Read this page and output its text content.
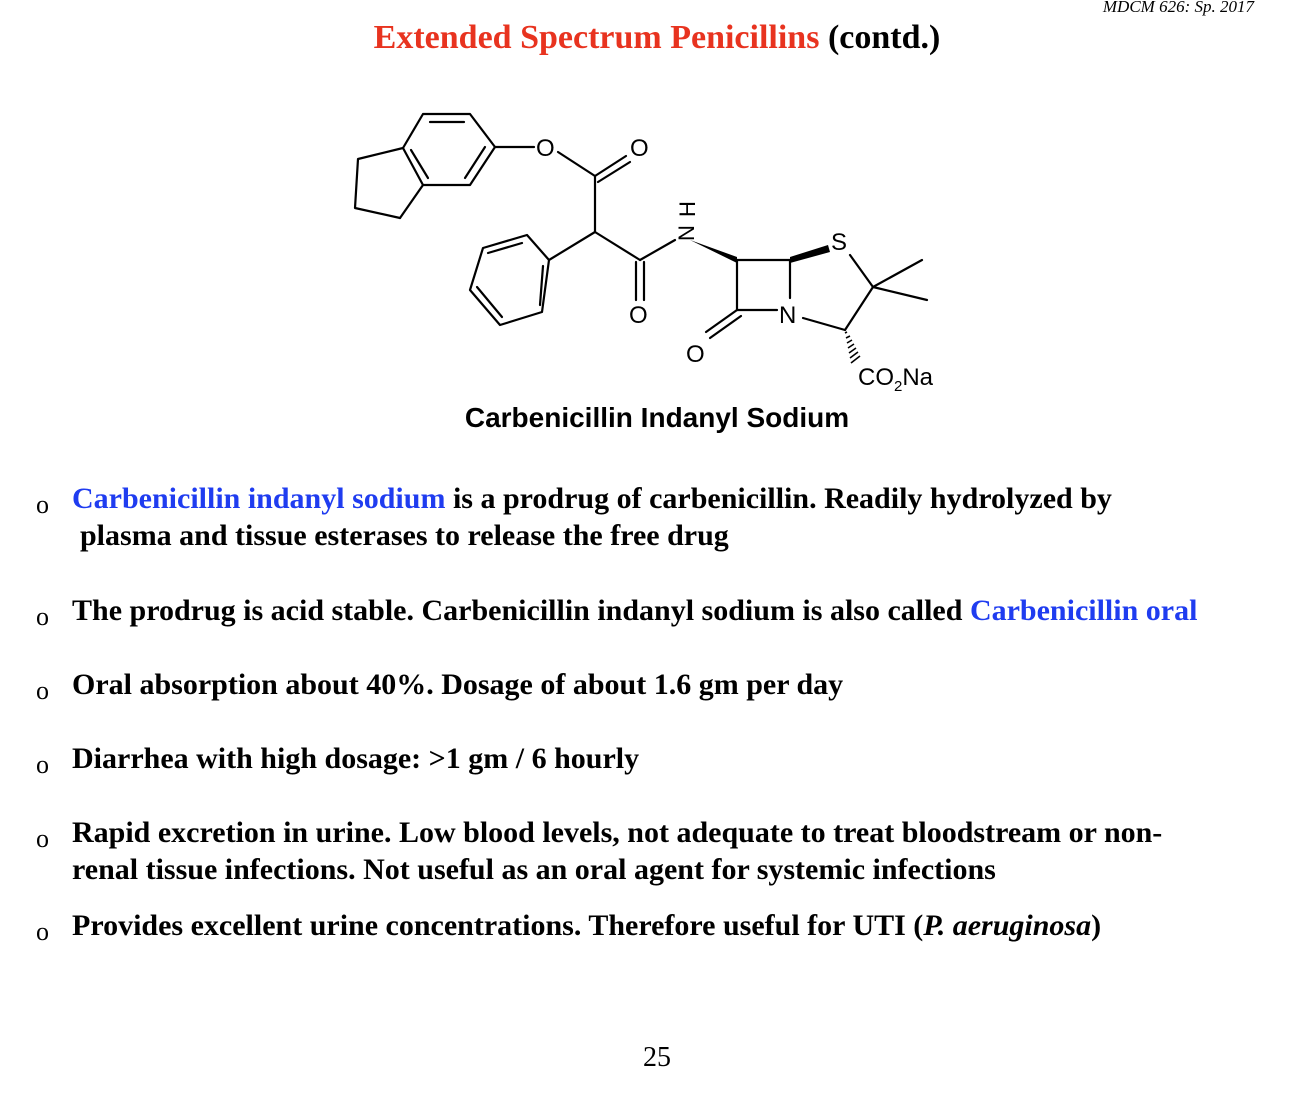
MDCM 626: Sp. 2017
Extended Spectrum Penicillins (contd.)
O	O
O
O
H
N
N
S
$CO_2Na$

Carbenicillin Indanyl Sodium

o Carbenicillin indanyl sodium is a prodrug of carbenicillin. Readily hydrolyzed by
plasma and tissue esterases to release the free drug
o The prodrug is acid stable. Carbenicillin indanyl sodium is also called Carbenicillin oral
o Oral absorption about 40%. Dosage of about 1.6 gm per day
o Diarrhea with high dosage: >1 gm / 6 hourly
o Rapid excretion in urine. Low blood levels, not adequate to treat bloodstream or non-
renal tissue infections. Not useful as an oral agent for systemic infections
o Provides excellent urine concentrations. Therefore useful for UTI (P. aeruginosa)

25
